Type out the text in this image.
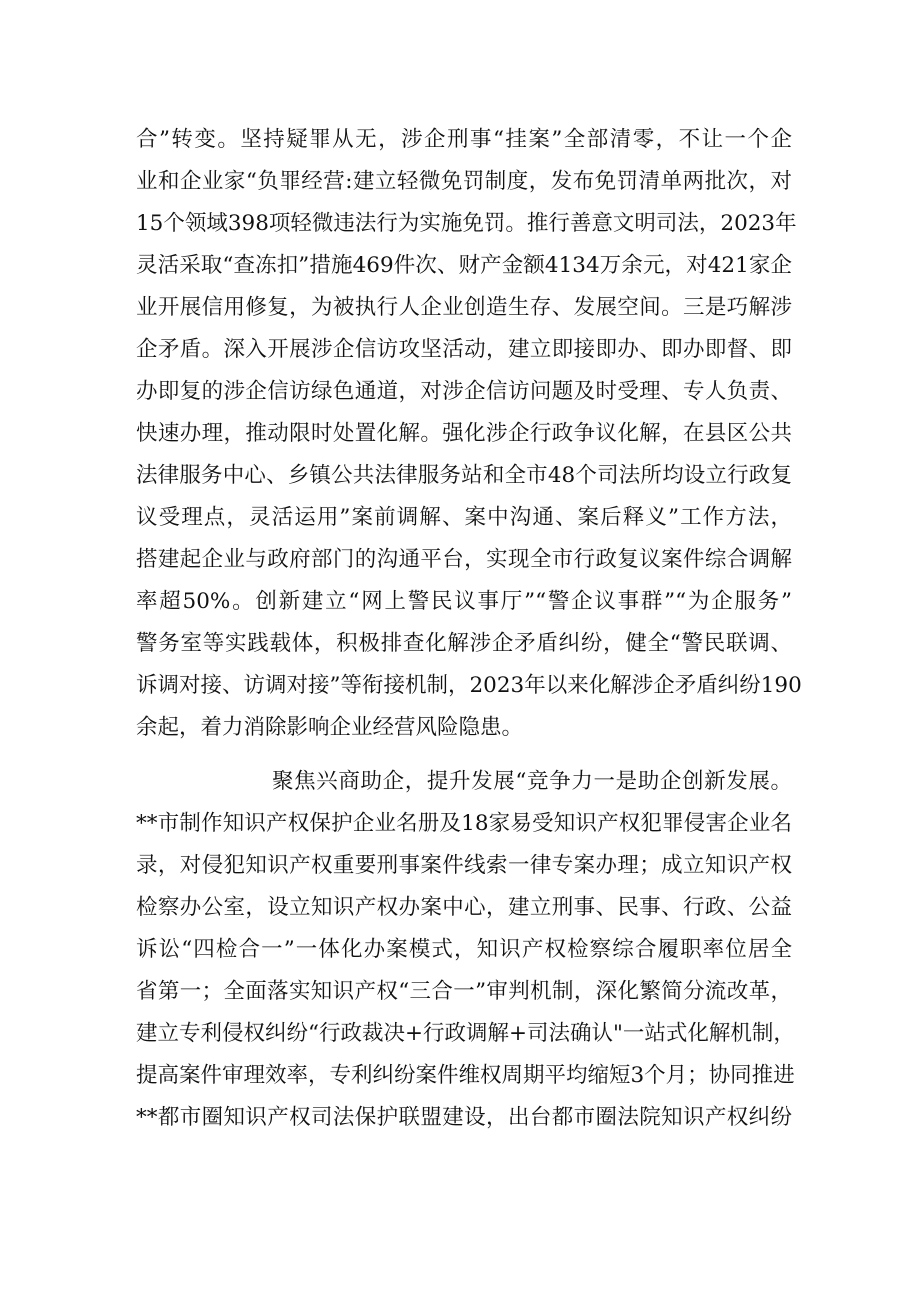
合”转变。坚持疑罪从无，涉企刑事“挂案”全部清零，不让一个企
业和企业家“负罪经营:建立轻微免罚制度，发布免罚清单两批次，对
15个领域398项轻微违法行为实施免罚。推行善意文明司法，2023年
灵活采取“查冻扣”措施469件次、财产金额4134万余元，对421家企
业开展信用修复，为被执行人企业创造生存、发展空间。三是巧解涉
企矛盾。深入开展涉企信访攻坚活动，建立即接即办、即办即督、即
办即复的涉企信访绿色通道，对涉企信访问题及时受理、专人负责、
快速办理，推动限时处置化解。强化涉企行政争议化解，在县区公共
法律服务中心、乡镇公共法律服务站和全市48个司法所均设立行政复
议受理点，灵活运用”案前调解、案中沟通、案后释义”工作方法，
搭建起企业与政府部门的沟通平台，实现全市行政复议案件综合调解
率超50%。创新建立“网上警民议事厅”“警企议事群”“为企服务”
警务室等实践载体，积极排查化解涉企矛盾纠纷，健全“警民联调、
诉调对接、访调对接”等衔接机制，2023年以来化解涉企矛盾纠纷190
余起，着力消除影响企业经营风险隐患。
聚焦兴商助企，提升发展“竞争力一是助企创新发展。
**市制作知识产权保护企业名册及18家易受知识产权犯罪侵害企业名
录，对侵犯知识产权重要刑事案件线索一律专案办理；成立知识产权
检察办公室，设立知识产权办案中心，建立刑事、民事、行政、公益
诉讼“四检合一”一体化办案模式，知识产权检察综合履职率位居全
省第一；全面落实知识产权“三合一”审判机制，深化繁简分流改革，
建立专利侵权纠纷“行政裁决+行政调解+司法确认"一站式化解机制，
提高案件审理效率，专利纠纷案件维权周期平均缩短3个月；协同推进
**都市圈知识产权司法保护联盟建设，出台都市圈法院知识产权纠纷
